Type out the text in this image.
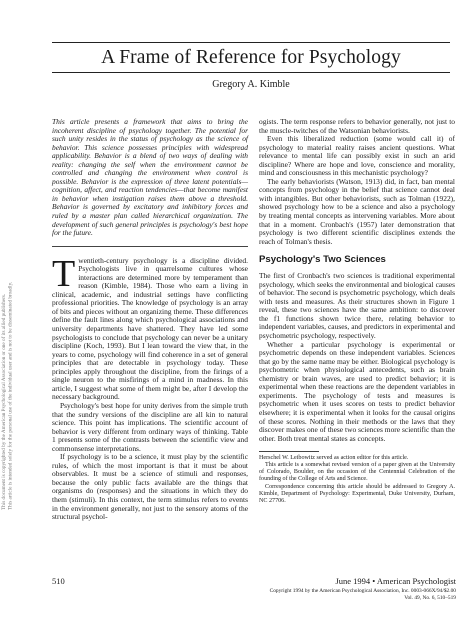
This document is copyrighted by the American Psychological Association or one of its allied publishers. This article is intended solely for the personal use of the individual user and is not to be disseminated broadly.
A Frame of Reference for Psychology
Gregory A. Kimble
This article presents a framework that aims to bring the incoherent discipline of psychology together. The potential for such unity resides in the status of psychology as the science of behavior. This science possesses principles with widespread applicability. Behavior is a blend of two ways of dealing with reality: changing the self when the environment cannot be controlled and changing the environment when control is possible. Behavior is the expression of three latent potentials—cognition, affect, and reaction tendencies—that become manifest in behavior when instigation raises them above a threshold. Behavior is governed by excitatory and inhibitory forces and ruled by a master plan called hierarchical organization. The development of such general principles is psychology's best hope for the future.

Twentieth-century psychology is a discipline divided. Psychologists live in quarrelsome cultures whose interactions are determined more by temperament than reason (Kimble, 1984). Those who earn a living in clinical, academic, and industrial settings have conflicting professional priorities. The knowledge of psychology is an array of bits and pieces without an organizing theme. These differences define the fault lines along which psychological associations and university departments have shattered. They have led some psychologists to conclude that psychology can never be a unitary discipline (Koch, 1993). But I lean toward the view that, in the years to come, psychology will find coherence in a set of general principles that are detectable in psychology today. These principles apply throughout the discipline, from the firings of a single neuron to the misfirings of a mind in madness. In this article, I suggest what some of them might be, after I develop the necessary background.

Psychology's best hope for unity derives from the simple truth that the sundry versions of the discipline are all kin to natural science. This point has implications. The scientific account of behavior is very different from ordinary ways of thinking. Table 1 presents some of the contrasts between the scientific view and commonsense interpretations.

If psychology is to be a science, it must play by the scientific rules, of which the most important is that it must be about observables. It must be a science of stimuli and responses, because the only public facts available are the things that organisms do (responses) and the situations in which they do them (stimuli). In this context, the term stimulus refers to events in the environment generally, not just to the sensory atoms of the structural psychol-

ogists. The term response refers to behavior generally, not just to the muscle-twitches of the Watsonian behaviorists.

Even this liberalized reduction (some would call it) of psychology to material reality raises ancient questions. What relevance to mental life can possibly exist in such an arid discipline? Where are hope and love, conscience and morality, mind and consciousness in this mechanistic psychology?

The early behaviorists (Watson, 1913) did, in fact, ban mental concepts from psychology in the belief that science cannot deal with intangibles. But other behaviorists, such as Tolman (1922), showed psychology how to be a science and also a psychology by treating mental concepts as intervening variables. More about that in a moment. Cronbach's (1957) later demonstration that psychology is two different scientific disciplines extends the reach of Tolman's thesis.

Psychology's Two Sciences

The first of Cronbach's two sciences is traditional experimental psychology, which seeks the environmental and biological causes of behavior. The second is psychometric psychology, which deals with tests and measures. As their structures shown in Figure 1 reveal, these two sciences have the same ambition: to discover the f1 functions shown twice there, relating behavior to independent variables, causes, and predictors in experimental and psychometric psychology, respectively.

Whether a particular psychology is experimental or psychometric depends on these independent variables. Sciences that go by the same name may be either. Biological psychology is psychometric when physiological antecedents, such as brain chemistry or brain waves, are used to predict behavior; it is experimental when these reactions are the dependent variables in experiments. The psychology of tests and measures is psychometric when it uses scores on tests to predict behavior elsewhere; it is experimental when it looks for the causal origins of these scores. Nothing in their methods or the laws that they discover makes one of these two sciences more scientific than the other. Both treat mental states as concepts.

Herschel W. Leibowitz served as action editor for this article.

This article is a somewhat revised version of a paper given at the University of Colorado, Boulder, on the occasion of the Centennial Celebration of the founding of the College of Arts and Science.

Correspondence concerning this article should be addressed to Gregory A. Kimble, Department of Psychology: Experimental, Duke University, Durham, NC 27706.

510	June 1994 • American Psychologist
Copyright 1994 by the American Psychological Association, Inc. 0003-066X/94/$2.00
Vol. 49, No. 6, 510–519
